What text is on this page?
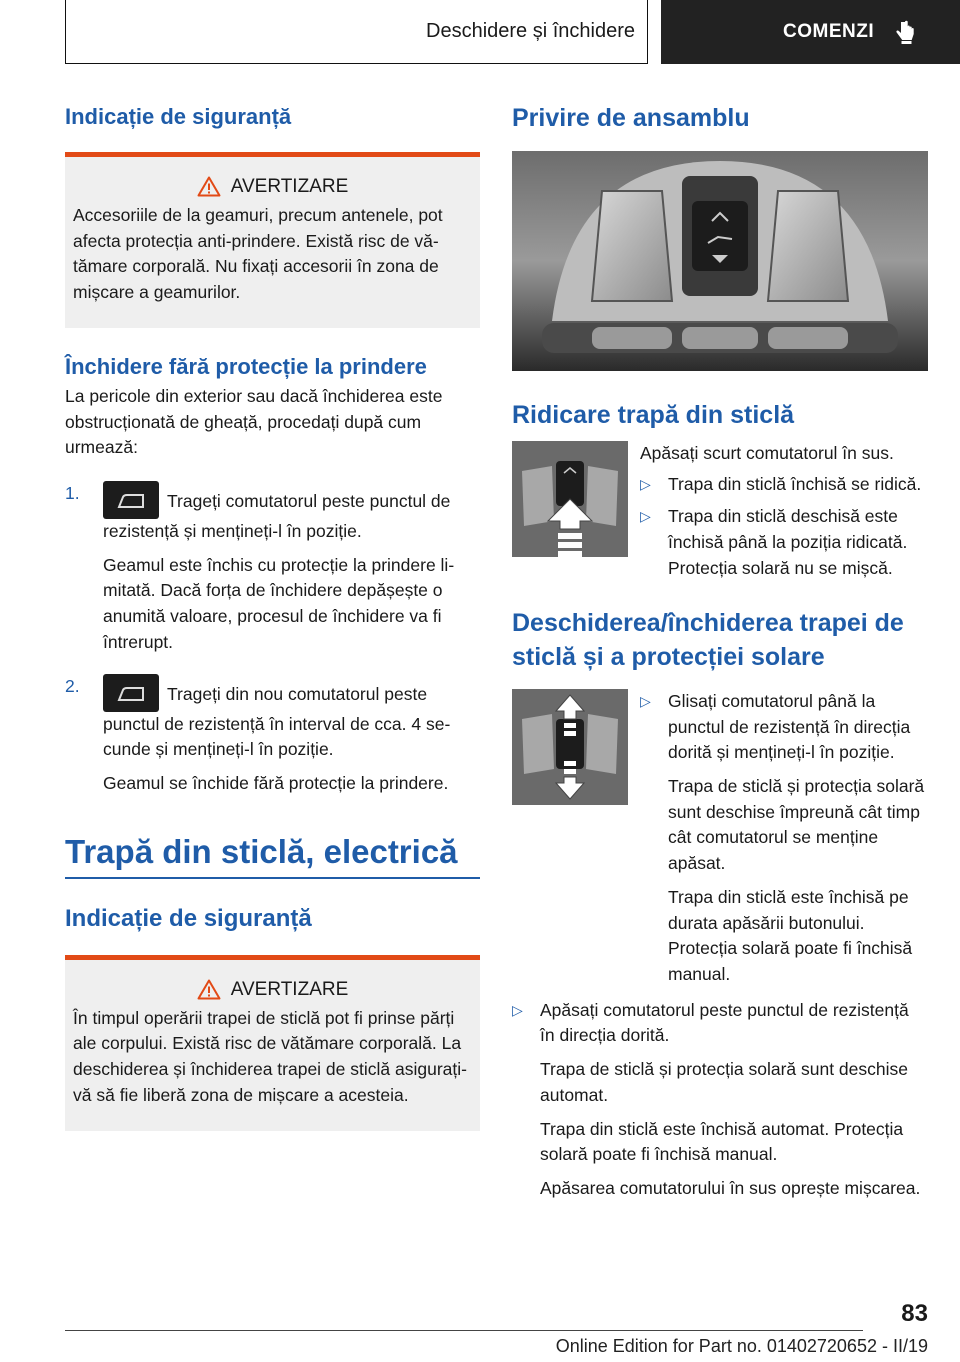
Deschidere și închidere	COMENZI
Indicație de siguranță
AVERTIZARE
Accesoriile de la geamuri, precum antenele, pot afecta protecția anti-prindere. Există risc de vătămare corporală. Nu fixați accesorii în zona de mișcare a geamurilor.
Închidere fără protecție la prindere

La pericole din exterior sau dacă închiderea este obstrucționată de gheață, procedați după cum urmează:

1.	Trageți comutatorul peste punctul de rezistență și mențineți-l în poziție.
Geamul este închis cu protecție la prindere limitată. Dacă forța de închidere depășește o anumită valoare, procesul de închidere va fi întrerupt.
2.	Trageți din nou comutatorul peste punctul de rezistență în interval de cca. 4 secunde și mențineți-l în poziție.
Geamul se închide fără protecție la prindere.
Trapă din sticlă, electrică
Indicație de siguranță
AVERTIZARE
În timpul operării trapei de sticlă pot fi prinse părți ale corpului. Există risc de vătămare corporală. La deschiderea și închiderea trapei de sticlă asigurați-vă să fie liberă zona de mișcare a acesteia.
Privire de ansamblu
Ridicare trapă din sticlă

Apăsați scurt comutatorul în sus.

▷ Trapa din sticlă închisă se ridică.
▷ Trapa din sticlă deschisă este închisă până la poziția ridicată. Protecția solară nu se mișcă.
Deschiderea/închiderea trapei de sticlă și a protecției solare
▷ Glisați comutatorul până la punctul de rezistență în direcția dorită și mențineți-l în poziție.
Trapa de sticlă și protecția solară sunt deschise împreună cât timp cât comutatorul se menține apăsat.
Trapa din sticlă este închisă pe durata apăsării butonului. Protecția solară poate fi închisă manual.
▷ Apăsați comutatorul peste punctul de rezistență în direcția dorită.
Trapa de sticlă și protecția solară sunt deschise automat.
Trapa din sticlă este închisă automat. Protecția solară poate fi închisă manual.
Apăsarea comutatorului în sus oprește mișcarea.
83
Online Edition for Part no. 01402720652 - II/19
